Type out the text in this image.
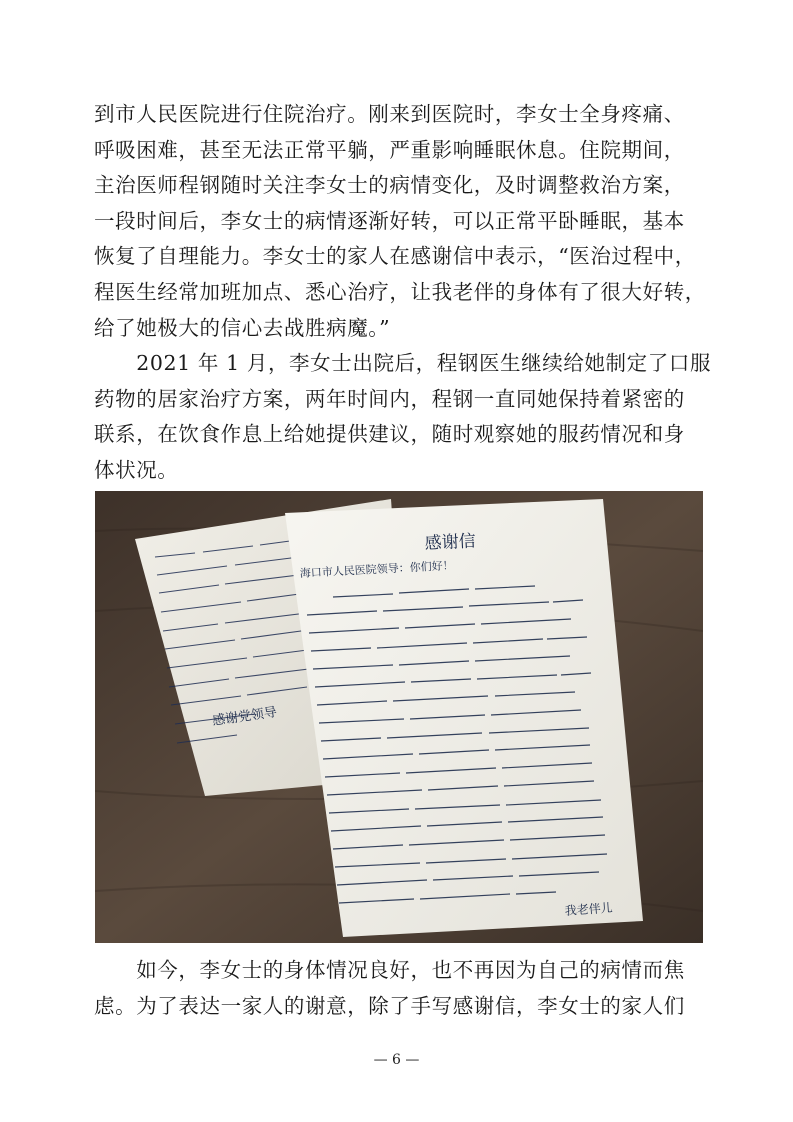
到市人民医院进行住院治疗。刚来到医院时，李女士全身疼痛、
呼吸困难，甚至无法正常平躺，严重影响睡眠休息。住院期间，
主治医师程钢随时关注李女士的病情变化，及时调整救治方案，
一段时间后，李女士的病情逐渐好转，可以正常平卧睡眠，基本
恢复了自理能力。李女士的家人在感谢信中表示，“医治过程中，
程医生经常加班加点、悉心治疗，让我老伴的身体有了很大好转，
给了她极大的信心去战胜病魔。”
　　2021 年 1 月，李女士出院后，程钢医生继续给她制定了口服
药物的居家治疗方案，两年时间内，程钢一直同她保持着紧密的
联系，在饮食作息上给她提供建议，随时观察她的服药情况和身
体状况。
感谢党领导
感谢信
海口市人民医院领导：你们好！
我老伴儿
　　如今，李女士的身体情况良好，也不再因为自己的病情而焦
虑。为了表达一家人的谢意，除了手写感谢信，李女士的家人们
— 6 —
